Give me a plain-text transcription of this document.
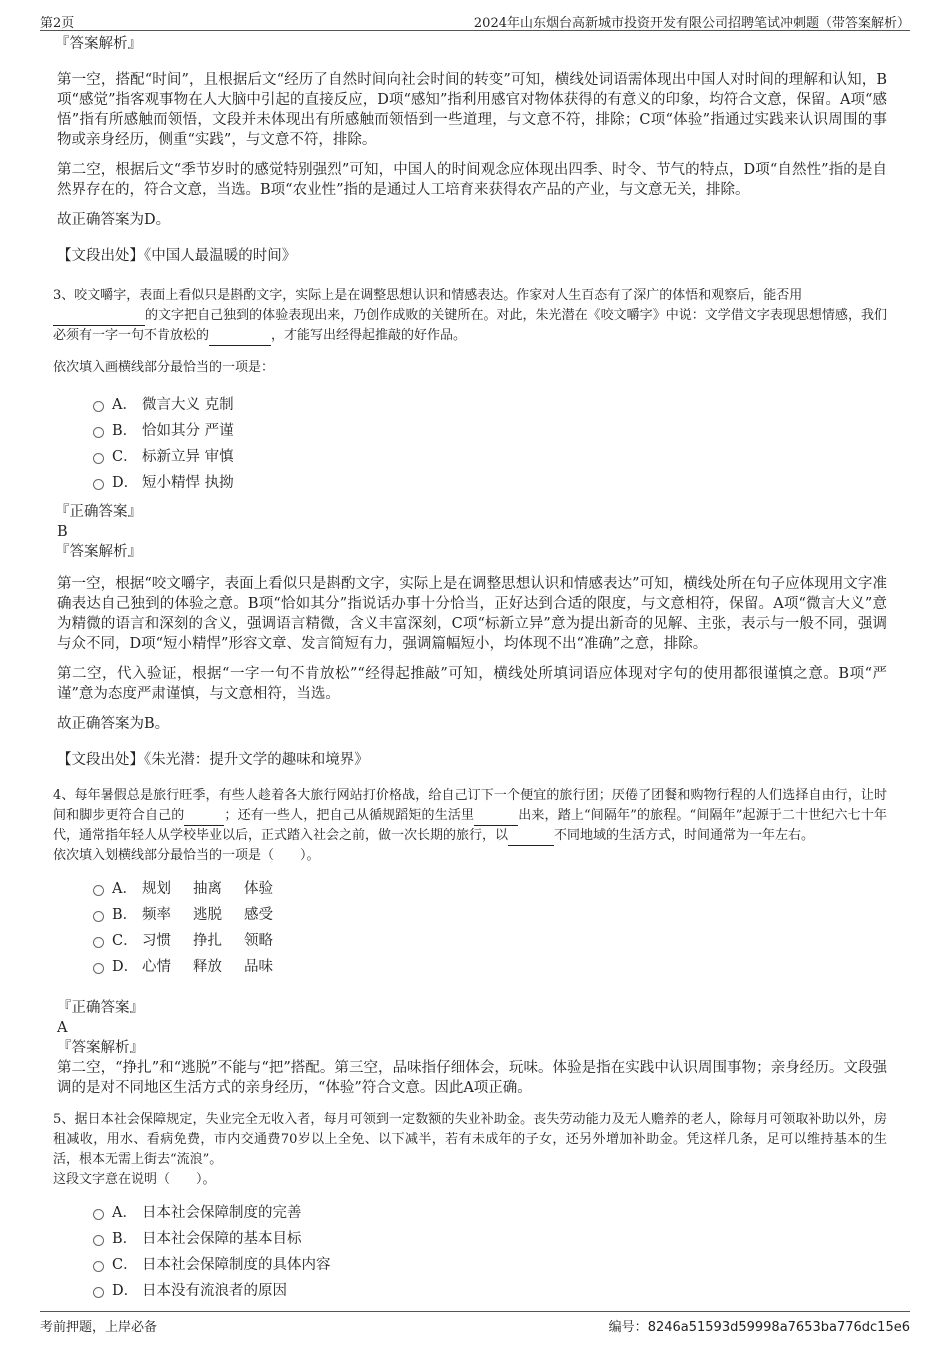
第2页	2024年山东烟台高新城市投资开发有限公司招聘笔试冲刺题（带答案解析）

『答案解析』

第一空，搭配“时间”，且根据后文“经历了自然时间向社会时间的转变”可知，横线处词语需体现出中国人对时间的理解和认知，B项“感觉”指客观事物在人大脑中引起的直接反应，D项“感知”指利用感官对物体获得的有意义的印象，均符合文意，保留。A项“感悟”指有所感触而领悟，文段并未体现出有所感触而领悟到一些道理，与文意不符，排除；C项“体验”指通过实践来认识周围的事物或亲身经历，侧重“实践”，与文意不符，排除。

第二空，根据后文“季节岁时的感觉特别强烈”可知，中国人的时间观念应体现出四季、时令、节气的特点，D项“自然性”指的是自然界存在的，符合文意，当选。B项“农业性”指的是通过人工培育来获得农产品的产业，与文意无关，排除。

故正确答案为D。

【文段出处】《中国人最温暖的时间》

3、咬文嚼字，表面上看似只是斟酌文字，实际上是在调整思想认识和情感表达。作家对人生百态有了深广的体悟和观察后，能否用
的文字把自己独到的体验表现出来，乃创作成败的关键所在。对此，朱光潜在《咬文嚼字》中说：文学借文字表现思想情感，我们必须有一字一句不肯放松的	，才能写出经得起推敲的好作品。

依次填入画横线部分最恰当的一项是：

A． 微言大义 克制
B． 恰如其分 严谨
C． 标新立异 审慎
D． 短小精悍 执拗

『正确答案』

B

『答案解析』

第一空，根据“咬文嚼字，表面上看似只是斟酌文字，实际上是在调整思想认识和情感表达”可知，横线处所在句子应体现用文字准确表达自己独到的体验之意。B项“恰如其分”指说话办事十分恰当，正好达到合适的限度，与文意相符，保留。A项“微言大义”意为精微的语言和深刻的含义，强调语言精微，含义丰富深刻，C项“标新立异”意为提出新奇的见解、主张，表示与一般不同，强调与众不同，D项“短小精悍”形容文章、发言简短有力，强调篇幅短小，均体现不出“准确”之意，排除。

第二空，代入验证，根据“一字一句不肯放松”“经得起推敲”可知，横线处所填词语应体现对字句的使用都很谨慎之意。B项“严谨”意为态度严肃谨慎，与文意相符，当选。

故正确答案为B。

【文段出处】《朱光潜：提升文学的趣味和境界》

4、每年暑假总是旅行旺季，有些人趁着各大旅行网站打价格战，给自己订下一个便宜的旅行团；厌倦了团餐和购物行程的人们选择自由行，让时间和脚步更符合自己的	；还有一些人，把自己从循规蹈矩的生活里	出来，踏上“间隔年”的旅程。“间隔年”起源于二十世纪六七十年代，通常指年轻人从学校毕业以后，正式踏入社会之前，做一次长期的旅行，以	不同地域的生活方式，时间通常为一年左右。

依次填入划横线部分最恰当的一项是（　　）。

A． 规划 抽离 体验
B． 频率 逃脱 感受
C． 习惯 挣扎 领略
D． 心情 释放 品味

『正确答案』

A

『答案解析』

第二空，“挣扎”和“逃脱”不能与“把”搭配。第三空，品味指仔细体会，玩味。体验是指在实践中认识周围事物；亲身经历。文段强调的是对不同地区生活方式的亲身经历，“体验”符合文意。因此A项正确。

5、据日本社会保障规定，失业完全无收入者，每月可领到一定数额的失业补助金。丧失劳动能力及无人赡养的老人，除每月可领取补助以外，房租减收，用水、看病免费，市内交通费70岁以上全免、以下减半，若有未成年的子女，还另外增加补助金。凭这样几条，足可以维持基本的生活，根本无需上街去“流浪”。

这段文字意在说明（　　）。

A． 日本社会保障制度的完善
B． 日本社会保障的基本目标
C． 日本社会保障制度的具体内容
D． 日本没有流浪者的原因
考前押题，上岸必备	编号：8246a51593d59998a7653ba776dc15e6
